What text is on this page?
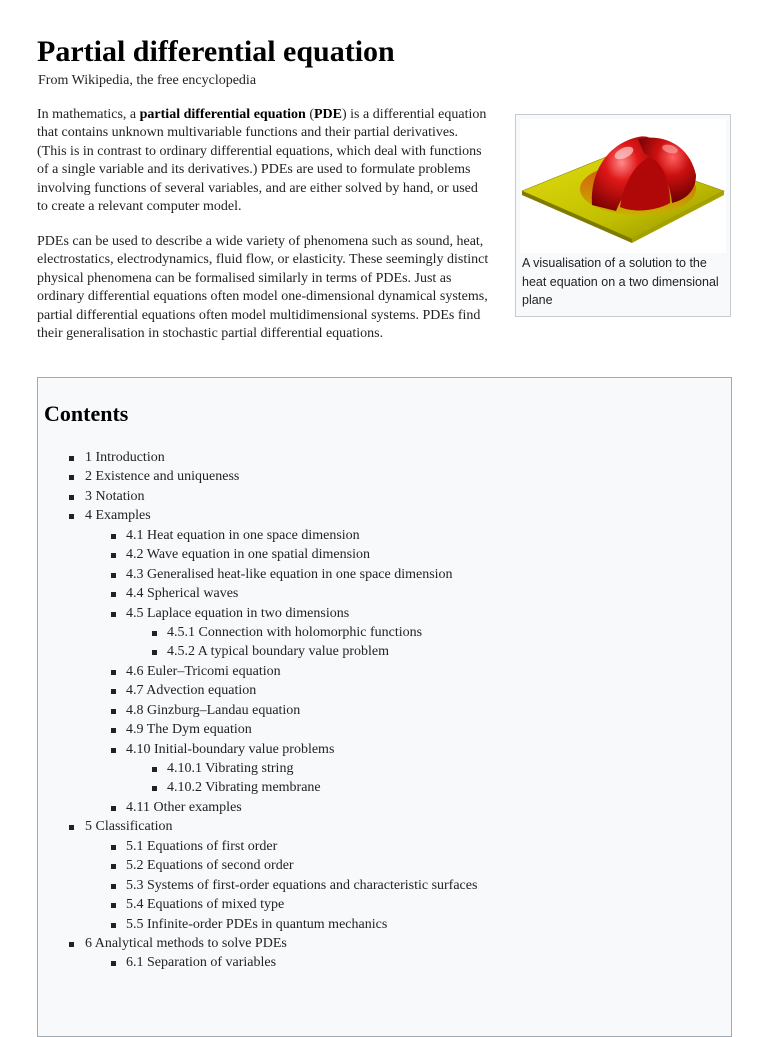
Partial differential equation
From Wikipedia, the free encyclopedia

In mathematics, a partial differential equation (PDE) is a differential equation that contains unknown multivariable functions and their partial derivatives. (This is in contrast to ordinary differential equations, which deal with functions of a single variable and its derivatives.) PDEs are used to formulate problems involving functions of several variables, and are either solved by hand, or used to create a relevant computer model.

PDEs can be used to describe a wide variety of phenomena such as sound, heat, electrostatics, electrodynamics, fluid flow, or elasticity. These seemingly distinct physical phenomena can be formalised similarly in terms of PDEs. Just as ordinary differential equations often model one-dimensional dynamical systems, partial differential equations often model multidimensional systems. PDEs find their generalisation in stochastic partial differential equations.

A visualisation of a solution to the heat equation on a two dimensional plane
Contents
1 Introduction
2 Existence and uniqueness
3 Notation
4 Examples
4.1 Heat equation in one space dimension
4.2 Wave equation in one spatial dimension
4.3 Generalised heat-like equation in one space dimension
4.4 Spherical waves
4.5 Laplace equation in two dimensions
4.5.1 Connection with holomorphic functions
4.5.2 A typical boundary value problem
4.6 Euler–Tricomi equation
4.7 Advection equation
4.8 Ginzburg–Landau equation
4.9 The Dym equation
4.10 Initial-boundary value problems
4.10.1 Vibrating string
4.10.2 Vibrating membrane
4.11 Other examples
5 Classification
5.1 Equations of first order
5.2 Equations of second order
5.3 Systems of first-order equations and characteristic surfaces
5.4 Equations of mixed type
5.5 Infinite-order PDEs in quantum mechanics
6 Analytical methods to solve PDEs
6.1 Separation of variables
